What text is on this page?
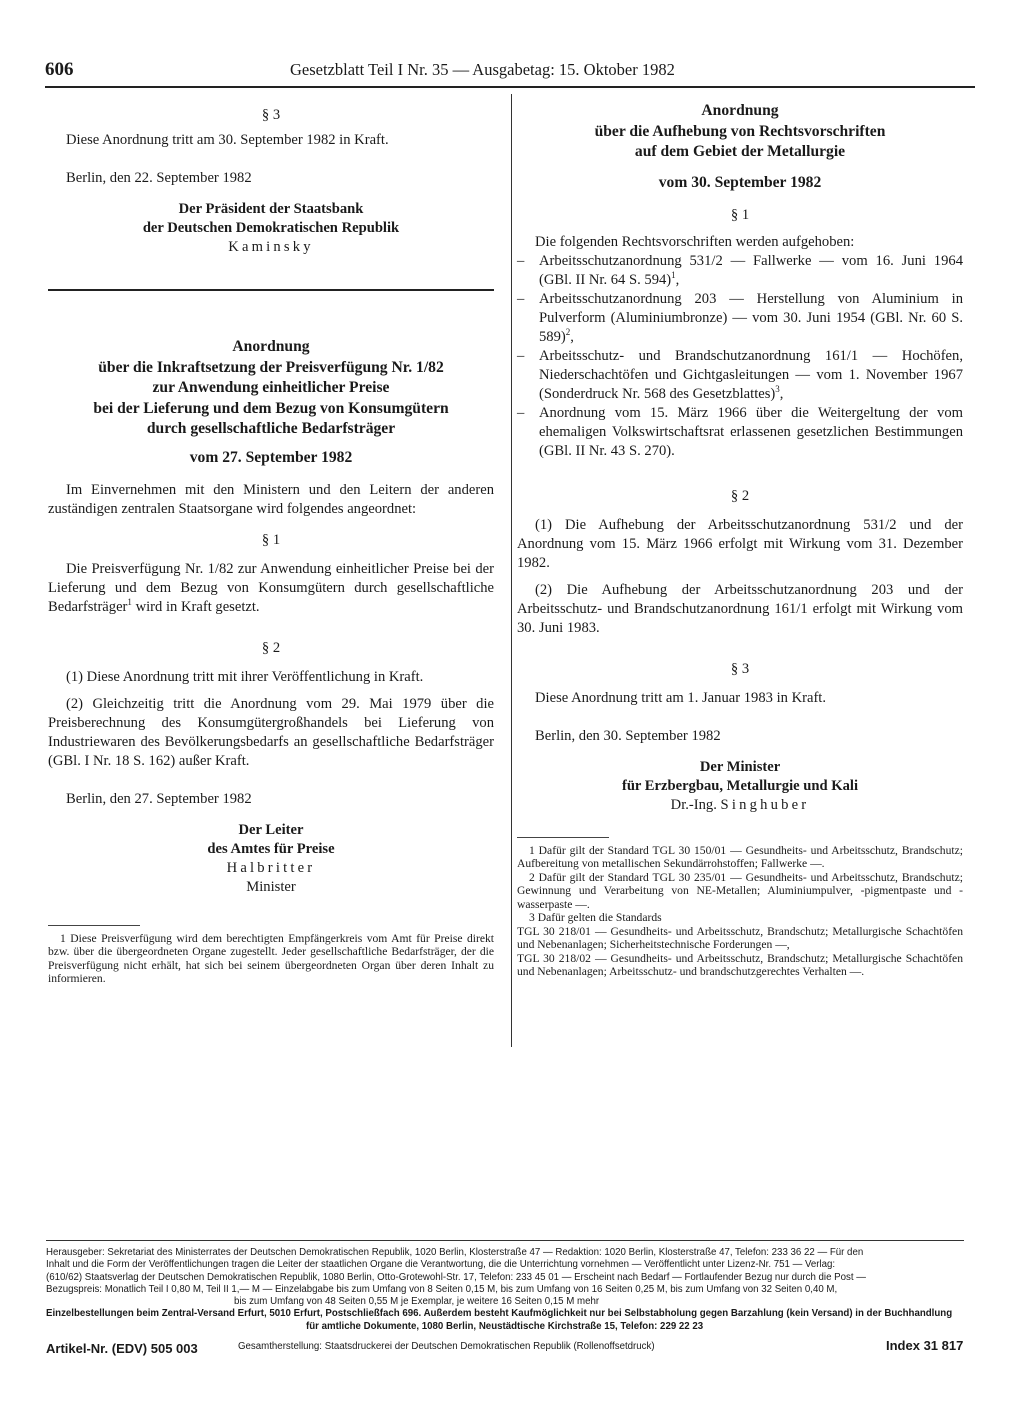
606	Gesetzblatt Teil I Nr. 35 — Ausgabetag: 15. Oktober 1982
§ 3

Diese Anordnung tritt am 30. September 1982 in Kraft.

Berlin, den 22. September 1982

Der Präsident der Staatsbank
der Deutschen Demokratischen Republik
Kaminsky
Anordnung
über die Inkraftsetzung der Preisverfügung Nr. 1/82
zur Anwendung einheitlicher Preise
bei der Lieferung und dem Bezug von Konsumgütern
durch gesellschaftliche Bedarfsträger
vom 27. September 1982

Im Einvernehmen mit den Ministern und den Leitern der anderen zuständigen zentralen Staatsorgane wird folgendes angeordnet:

§ 1

Die Preisverfügung Nr. 1/82 zur Anwendung einheitlicher Preise bei der Lieferung und dem Bezug von Konsumgütern durch gesellschaftliche Bedarfsträger$^1$ wird in Kraft gesetzt.

§ 2

(1) Diese Anordnung tritt mit ihrer Veröffentlichung in Kraft.

(2) Gleichzeitig tritt die Anordnung vom 29. Mai 1979 über die Preisberechnung des Konsumgütergroßhandels bei Lieferung von Industriewaren des Bevölkerungsbedarfs an gesellschaftliche Bedarfsträger (GBl. I Nr. 18 S. 162) außer Kraft.

Berlin, den 27. September 1982

Der Leiter
des Amtes für Preise
Halbritter
Minister

1 Diese Preisverfügung wird dem berechtigten Empfängerkreis vom Amt für Preise direkt bzw. über die übergeordneten Organe zugestellt. Jeder gesellschaftliche Bedarfsträger, der die Preisverfügung nicht erhält, hat sich bei seinem übergeordneten Organ über deren Inhalt zu informieren.

Anordnung
über die Aufhebung von Rechtsvorschriften
auf dem Gebiet der Metallurgie
vom 30. September 1982
§ 1

Die folgenden Rechtsvorschriften werden aufgehoben:

– Arbeitsschutzanordnung 531/2 — Fallwerke — vom 16. Juni 1964 (GBl. II Nr. 64 S. 594)$^1$,
– Arbeitsschutzanordnung 203 — Herstellung von Aluminium in Pulverform (Aluminiumbronze) — vom 30. Juni 1954 (GBl. Nr. 60 S. 589)$^2$,
– Arbeitsschutz- und Brandschutzanordnung 161/1 — Hochöfen, Niederschachtöfen und Gichtgasleitungen — vom 1. November 1967 (Sonderdruck Nr. 568 des Gesetzblattes)$^3$,
– Anordnung vom 15. März 1966 über die Weitergeltung der vom ehemaligen Volkswirtschaftsrat erlassenen gesetzlichen Bestimmungen (GBl. II Nr. 43 S. 270).
§ 2

(1) Die Aufhebung der Arbeitsschutzanordnung 531/2 und der Anordnung vom 15. März 1966 erfolgt mit Wirkung vom 31. Dezember 1982.

(2) Die Aufhebung der Arbeitsschutzanordnung 203 und der Arbeitsschutz- und Brandschutzanordnung 161/1 erfolgt mit Wirkung vom 30. Juni 1983.

§ 3

Diese Anordnung tritt am 1. Januar 1983 in Kraft.

Berlin, den 30. September 1982

Der Minister
für Erzbergbau, Metallurgie und Kali
Dr.-Ing. Singhuber

1 Dafür gilt der Standard TGL 30 150/01 — Gesundheits- und Arbeitsschutz, Brandschutz; Aufbereitung von metallischen Sekundärrohstoffen; Fallwerke —.

2 Dafür gilt der Standard TGL 30 235/01 — Gesundheits- und Arbeitsschutz, Brandschutz; Gewinnung und Verarbeitung von NE-Metallen; Aluminiumpulver, -pigmentpaste und -wasserpaste —.

3 Dafür gelten die Standards

TGL 30 218/01 — Gesundheits- und Arbeitsschutz, Brandschutz; Metallurgische Schachtöfen und Nebenanlagen; Sicherheitstechnische Forderungen —,

TGL 30 218/02 — Gesundheits- und Arbeitsschutz, Brandschutz; Metallurgische Schachtöfen und Nebenanlagen; Arbeitsschutz- und brandschutzgerechtes Verhalten —.

Herausgeber: Sekretariat des Ministerrates der Deutschen Demokratischen Republik, 1020 Berlin, Klosterstraße 47 — Redaktion: 1020 Berlin, Klosterstraße 47, Telefon: 233 36 22 — Für den
Inhalt und die Form der Veröffentlichungen tragen die Leiter der staatlichen Organe die Verantwortung, die die Unterrichtung vornehmen — Veröffentlicht unter Lizenz-Nr. 751 — Verlag:
(610/62) Staatsverlag der Deutschen Demokratischen Republik, 1080 Berlin, Otto-Grotewohl-Str. 17, Telefon: 233 45 01 — Erscheint nach Bedarf — Fortlaufender Bezug nur durch die Post —
Bezugspreis: Monatlich Teil I 0,80 M, Teil II 1,— M — Einzelabgabe bis zum Umfang von 8 Seiten 0,15 M, bis zum Umfang von 16 Seiten 0,25 M, bis zum Umfang von 32 Seiten 0,40 M,
bis zum Umfang von 48 Seiten 0,55 M je Exemplar, je weitere 16 Seiten 0,15 M mehr
Einzelbestellungen beim Zentral-Versand Erfurt, 5010 Erfurt, Postschließfach 696. Außerdem besteht Kaufmöglichkeit nur bei Selbstabholung gegen Barzahlung (kein Versand) in der Buchhandlung
für amtliche Dokumente, 1080 Berlin, Neustädtische Kirchstraße 15, Telefon: 229 22 23
Artikel-Nr. (EDV) 505 003	Gesamtherstellung: Staatsdruckerei der Deutschen Demokratischen Republik (Rollenoffsetdruck)	Index 31 817
